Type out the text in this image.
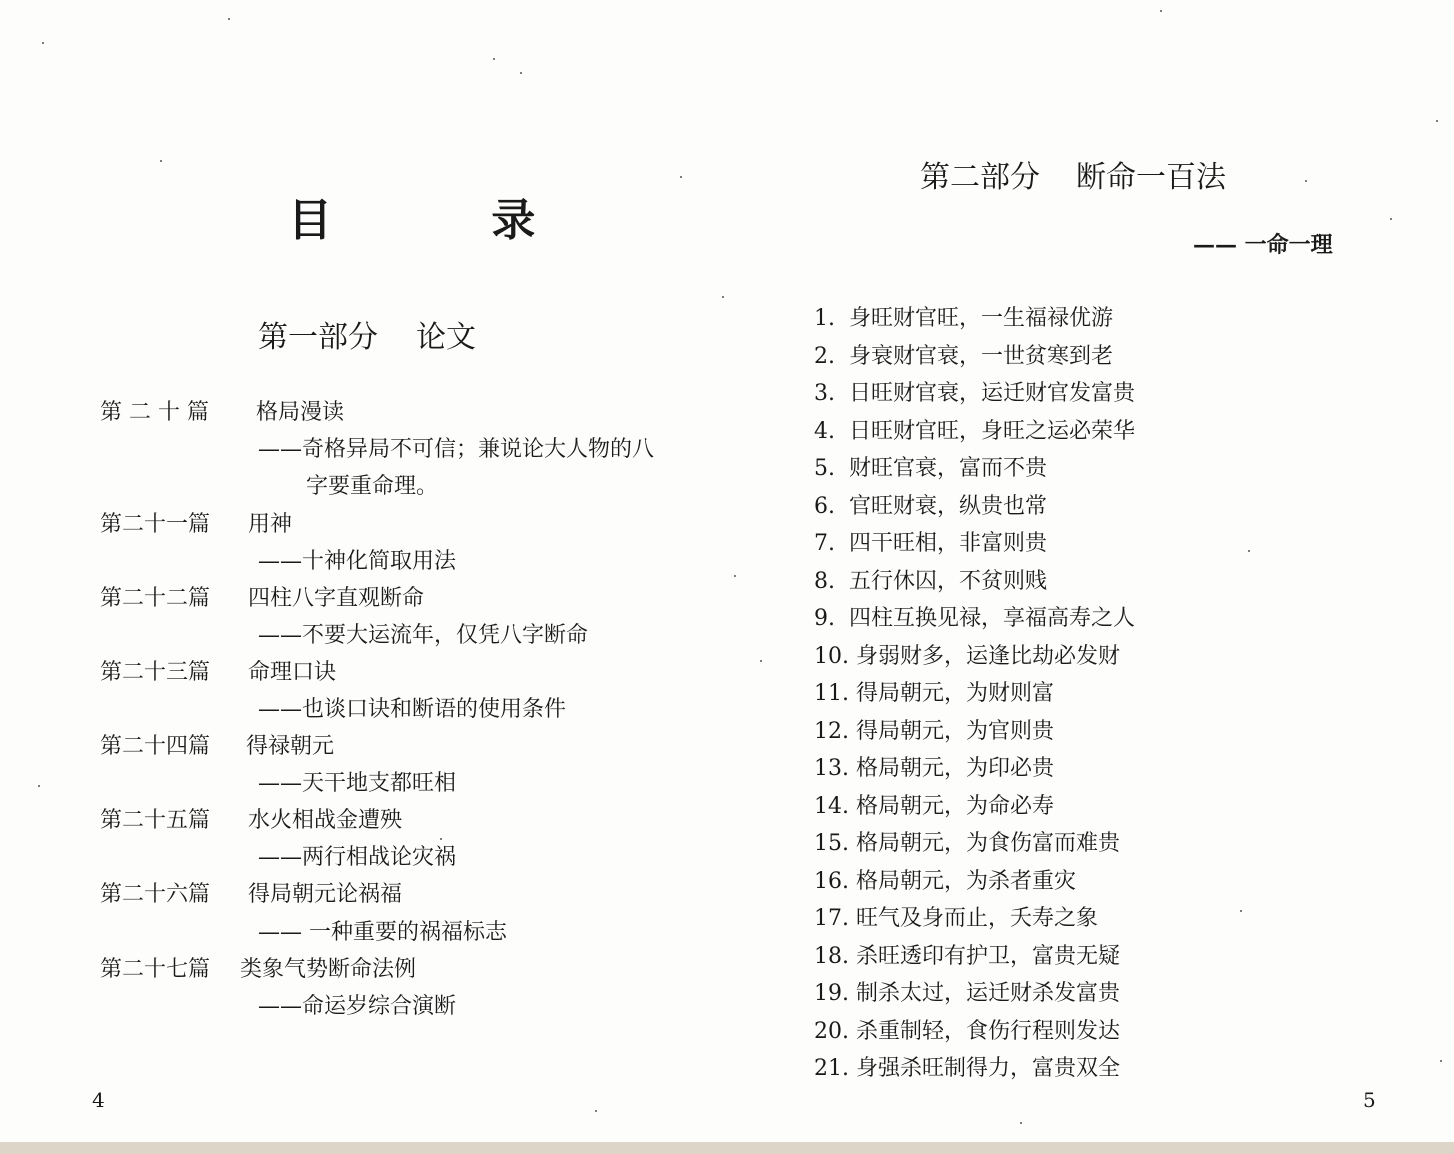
目 录
第一部分 论文
第二十篇 格局漫读
——奇格异局不可信；兼说论大人物的八
字要重命理。
第二十一篇 用神
——十神化简取用法
第二十二篇 四柱八字直观断命
——不要大运流年，仅凭八字断命
第二十三篇 命理口诀
——也谈口诀和断语的使用条件
第二十四篇 得禄朝元
——天干地支都旺相
第二十五篇 水火相战金遭殃
——两行相战论灾祸
第二十六篇 得局朝元论祸福
—— 一种重要的祸福标志
第二十七篇 类象气势断命法例
——命运岁综合演断
4
第二部分 断命一百法
—— 一命一理
1. 身旺财官旺，一生福禄优游
2. 身衰财官衰，一世贫寒到老
3. 日旺财官衰，运迁财官发富贵
4. 日旺财官旺，身旺之运必荣华
5. 财旺官衰，富而不贵
6. 官旺财衰，纵贵也常
7. 四干旺相，非富则贵
8. 五行休囚，不贫则贱
9. 四柱互换见禄，享福高寿之人
10. 身弱财多，运逢比劫必发财
11. 得局朝元，为财则富
12. 得局朝元，为官则贵
13. 格局朝元，为印必贵
14. 格局朝元，为命必寿
15. 格局朝元，为食伤富而难贵
16. 格局朝元，为杀者重灾
17. 旺气及身而止，夭寿之象
18. 杀旺透印有护卫，富贵无疑
19. 制杀太过，运迁财杀发富贵
20. 杀重制轻，食伤行程则发达
21. 身强杀旺制得力，富贵双全
5
